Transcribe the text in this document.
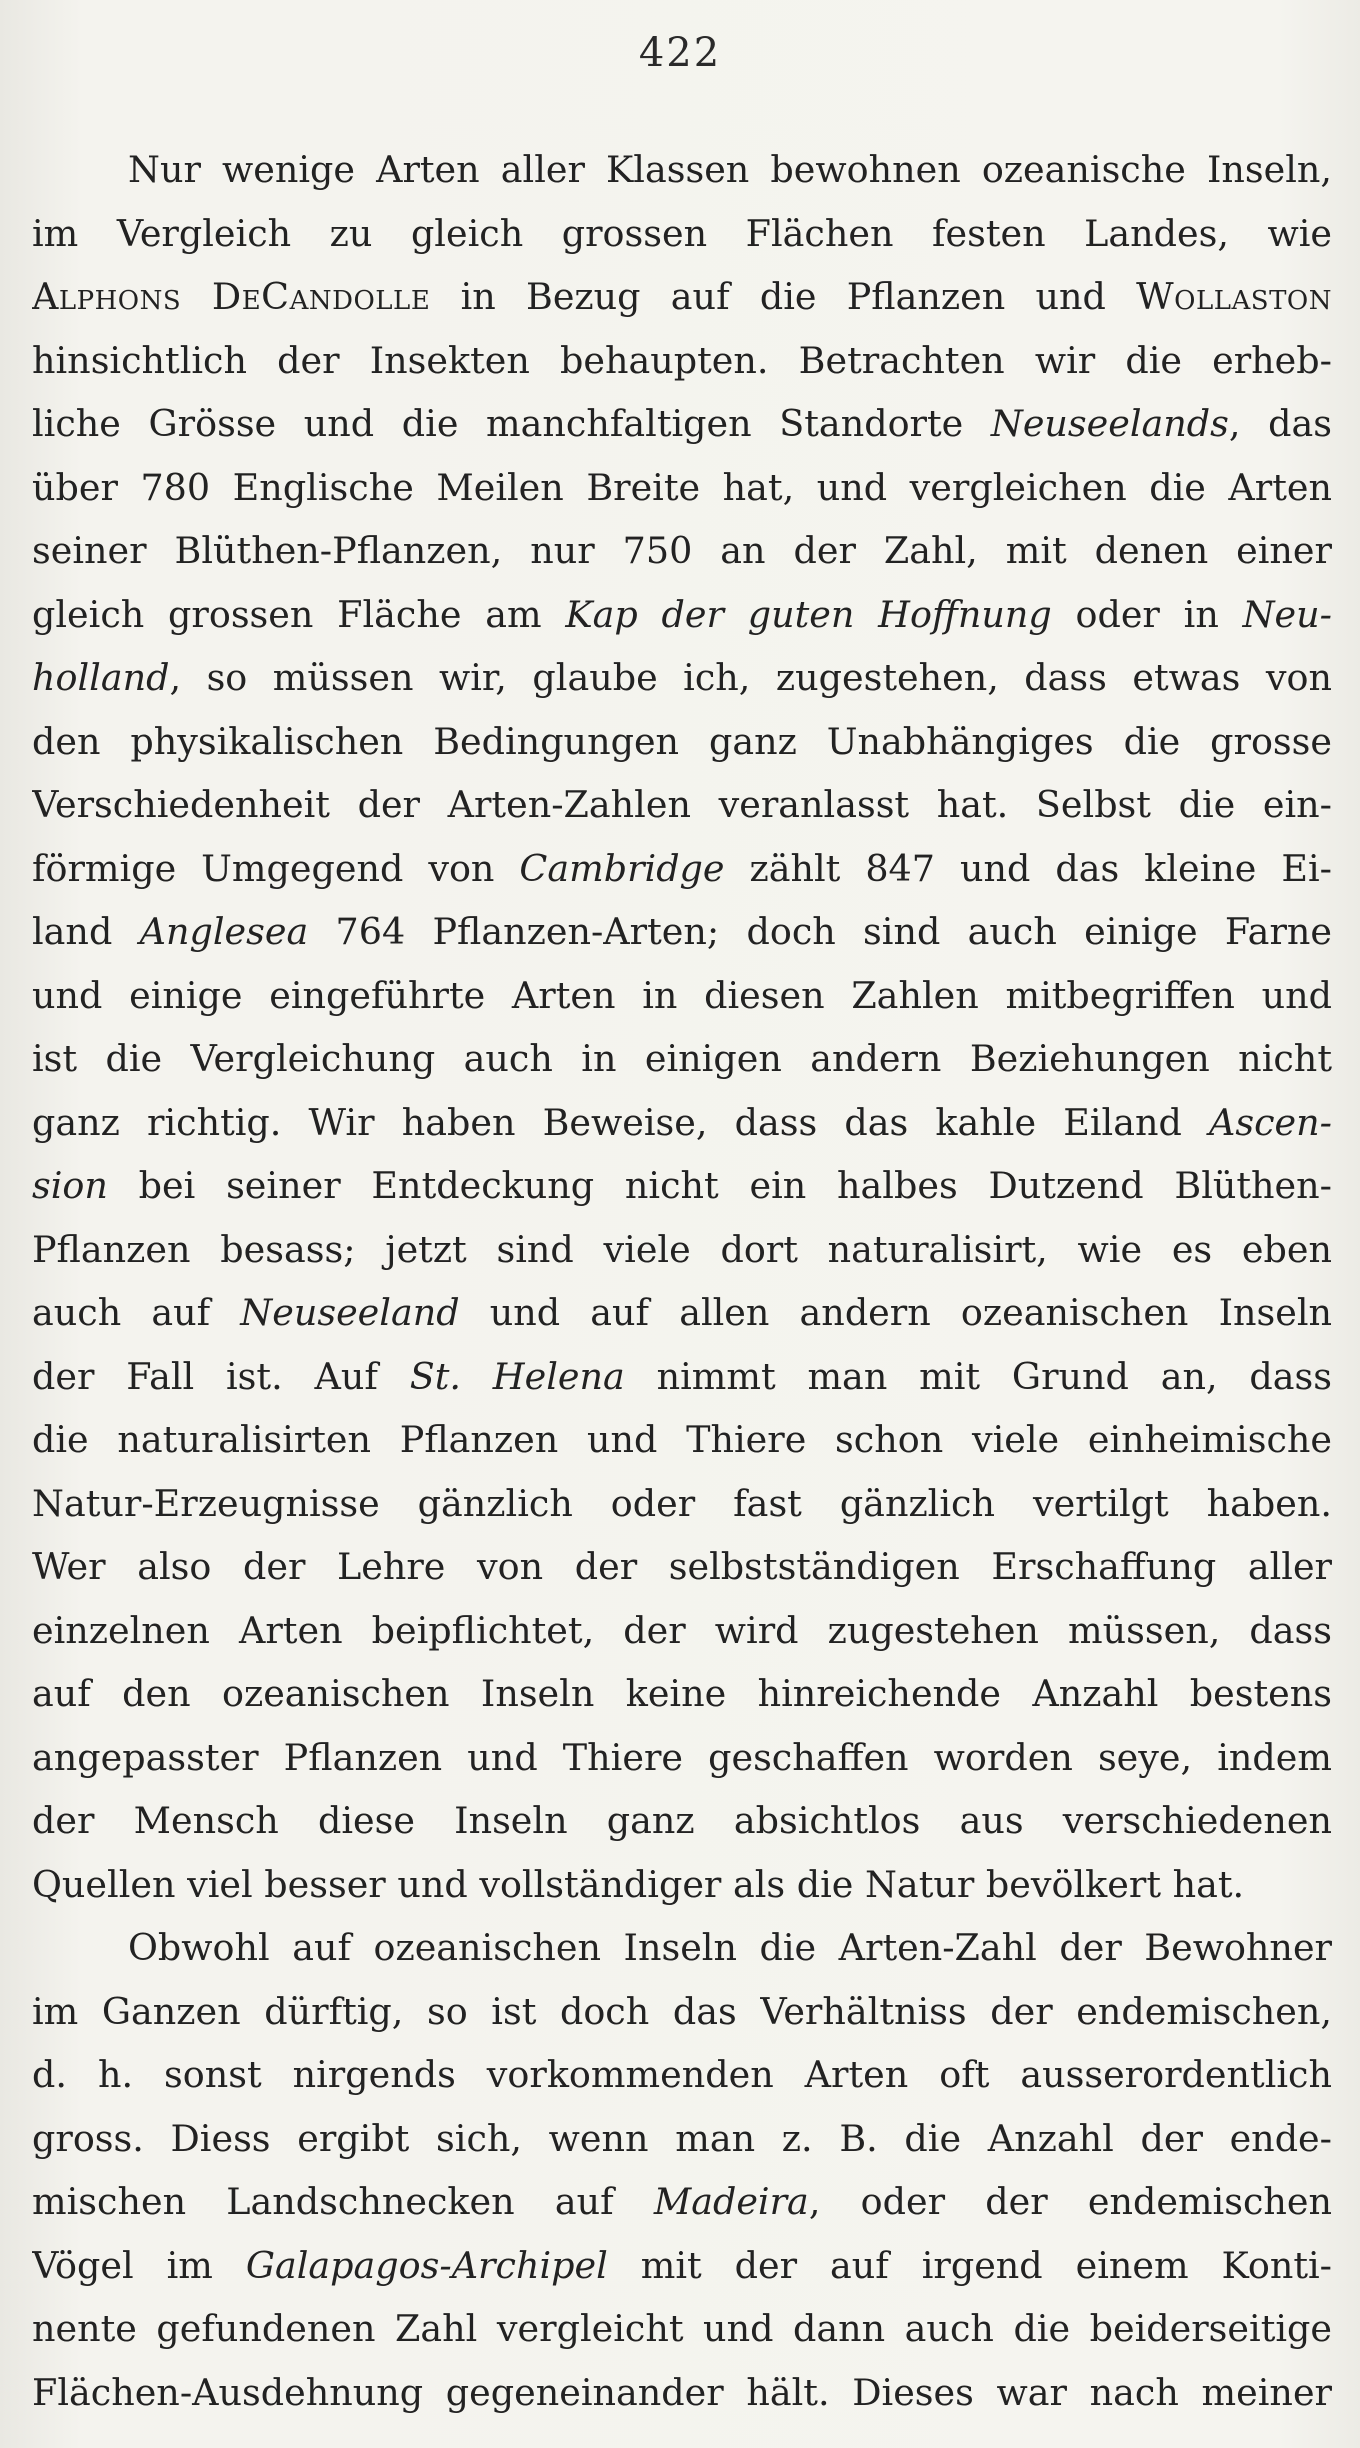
422
Nur wenige Arten aller Klassen bewohnen ozeanische Inseln,
im Vergleich zu gleich grossen Flächen festen Landes, wie
Alphons DeCandolle in Bezug auf die Pflanzen und Wollaston
hinsichtlich der Insekten behaupten. Betrachten wir die erheb-
liche Grösse und die manchfaltigen Standorte Neuseelands, das
über 780 Englische Meilen Breite hat, und vergleichen die Arten
seiner Blüthen-Pflanzen, nur 750 an der Zahl, mit denen einer
gleich grossen Fläche am Kap der guten Hoffnung oder in Neu-
holland, so müssen wir, glaube ich, zugestehen, dass etwas von
den physikalischen Bedingungen ganz Unabhängiges die grosse
Verschiedenheit der Arten-Zahlen veranlasst hat. Selbst die ein-
förmige Umgegend von Cambridge zählt 847 und das kleine Ei-
land Anglesea 764 Pflanzen-Arten; doch sind auch einige Farne
und einige eingeführte Arten in diesen Zahlen mitbegriffen und
ist die Vergleichung auch in einigen andern Beziehungen nicht
ganz richtig. Wir haben Beweise, dass das kahle Eiland Ascen-
sion bei seiner Entdeckung nicht ein halbes Dutzend Blüthen-
Pflanzen besass; jetzt sind viele dort naturalisirt, wie es eben
auch auf Neuseeland und auf allen andern ozeanischen Inseln
der Fall ist. Auf St. Helena nimmt man mit Grund an, dass
die naturalisirten Pflanzen und Thiere schon viele einheimische
Natur-Erzeugnisse gänzlich oder fast gänzlich vertilgt haben.
Wer also der Lehre von der selbstständigen Erschaffung aller
einzelnen Arten beipflichtet, der wird zugestehen müssen, dass
auf den ozeanischen Inseln keine hinreichende Anzahl bestens
angepasster Pflanzen und Thiere geschaffen worden seye, indem
der Mensch diese Inseln ganz absichtlos aus verschiedenen
Quellen viel besser und vollständiger als die Natur bevölkert hat.
Obwohl auf ozeanischen Inseln die Arten-Zahl der Bewohner
im Ganzen dürftig, so ist doch das Verhältniss der endemischen,
d. h. sonst nirgends vorkommenden Arten oft ausserordentlich
gross. Diess ergibt sich, wenn man z. B. die Anzahl der ende-
mischen Landschnecken auf Madeira, oder der endemischen
Vögel im Galapagos-Archipel mit der auf irgend einem Konti-
nente gefundenen Zahl vergleicht und dann auch die beiderseitige
Flächen-Ausdehnung gegeneinander hält. Dieses war nach meiner
